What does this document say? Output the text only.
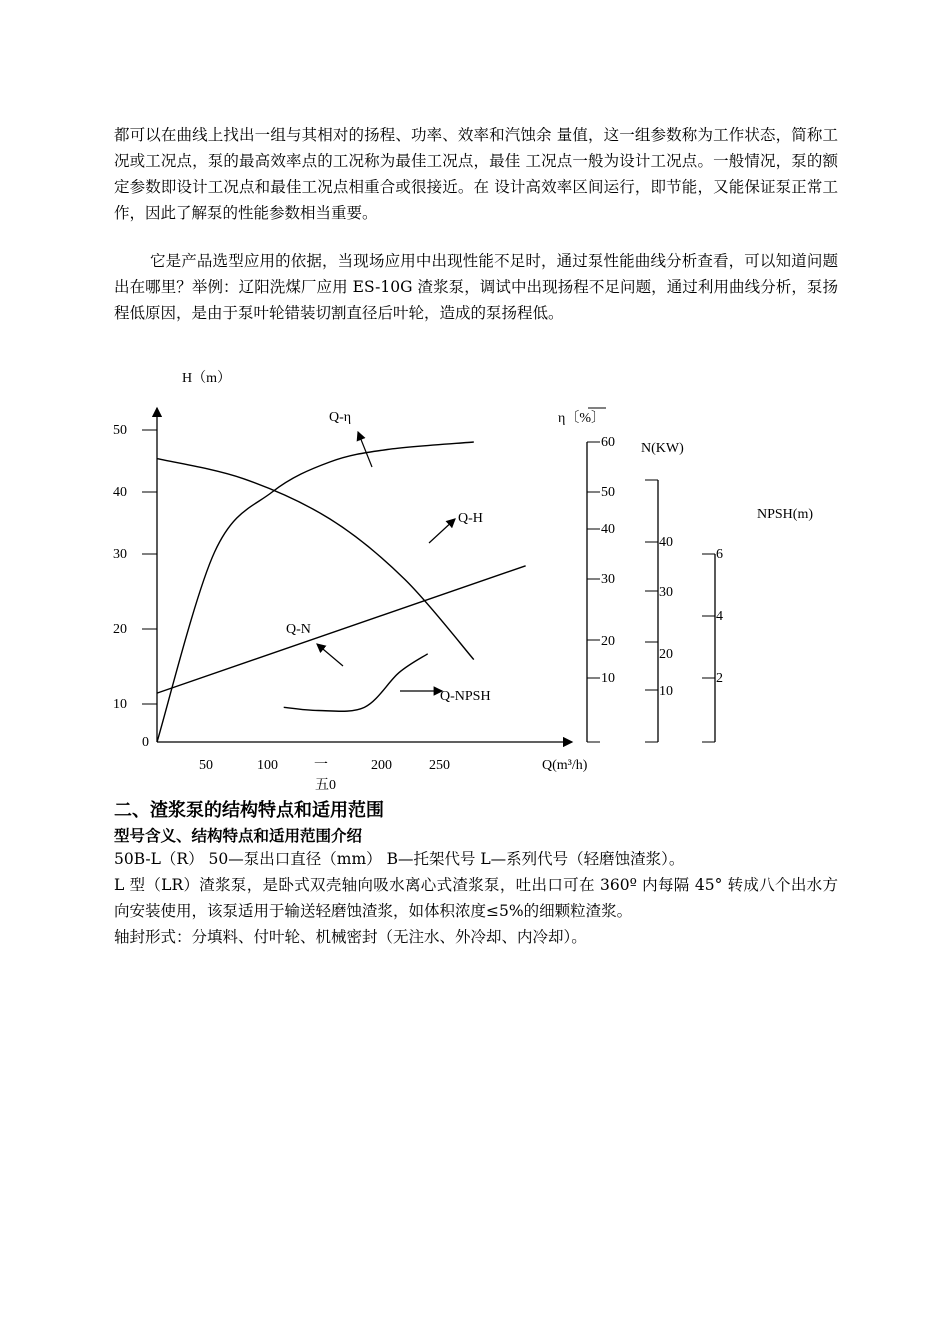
都可以在曲线上找出一组与其相对的扬程、功率、效率和汽蚀余 量值，这一组参数称为工作状态，简称工况或工况点，泵的最高效率点的工况称为最佳工况点，最佳 工况点一般为设计工况点。一般情况，泵的额定参数即设计工况点和最佳工况点相重合或很接近。在 设计高效率区间运行，即节能，又能保证泵正常工作，因此了解泵的性能参数相当重要。

它是产品选型应用的依据，当现场应用中出现性能不足时，通过泵性能曲线分析查看，可以知道问题出在哪里？举例：辽阳洗煤厂应用 ES-10G 渣浆泵，调试中出现扬程不足问题，通过利用曲线分析，泵扬程低原因，是由于泵叶轮错装切割直径后叶轮，造成的泵扬程低。

H（m）
0
Q(m³/h)
50
40
30
20
10
50	100	一	200	250
五0
η〔%〕
60
50
40
30
20
10
N(KW)
40
30
20
10
NPSH(m)
6
4
2
Q-η
Q-H
Q-N
Q-NPSH
二、渣浆泵的结构特点和适用范围
型号含义、结构特点和适用范围介绍

50B-L（R） 50—泵出口直径（mm） B—托架代号 L—系列代号（轻磨蚀渣浆）。

L 型（LR）渣浆泵，是卧式双壳轴向吸水离心式渣浆泵，吐出口可在 360º 内每隔 45° 转成八个出水方向安装使用，该泵适用于输送轻磨蚀渣浆，如体积浓度≤5%的细颗粒渣浆。

轴封形式：分填料、付叶轮、机械密封（无注水、外冷却、内冷却）。
